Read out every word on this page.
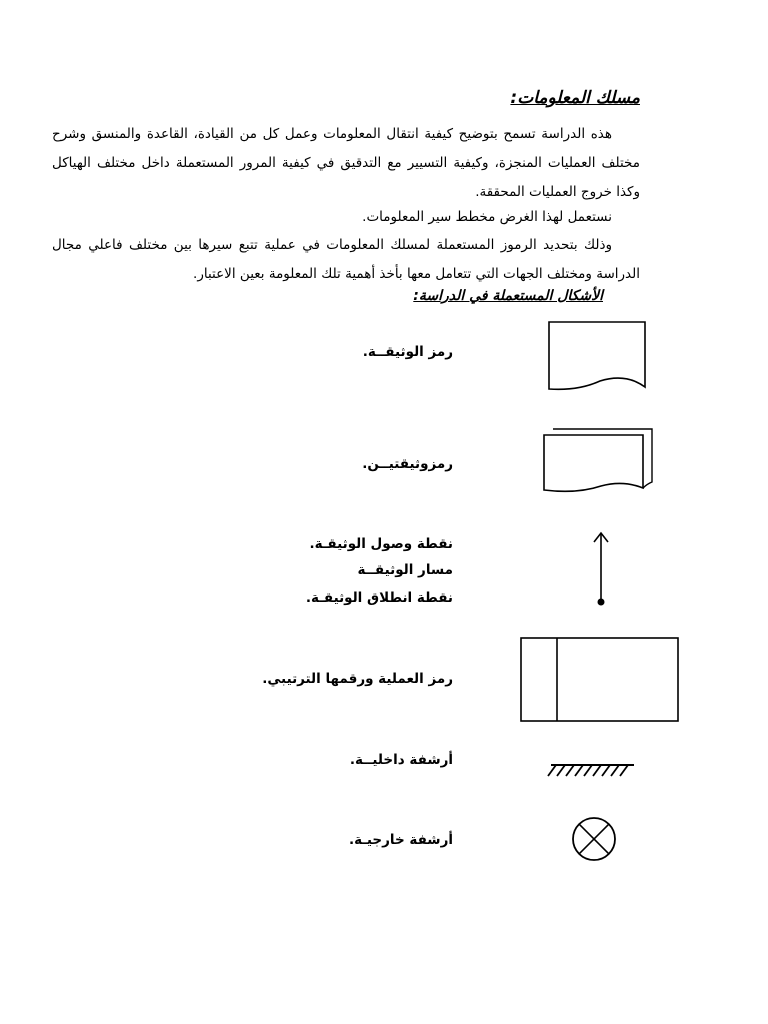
مسلك المعلومات:
هذه الدراسة تسمح بتوضيح كيفية انتقال المعلومات وعمل كل من القيادة، القاعدة والمنسق وشرح مختلف العمليات المنجزة، وكيفية التسيير مع التدقيق في كيفية المرور المستعملة داخل مختلف الهياكل وكذا خروج العمليات المحققة.
نستعمل لهذا الغرض مخطط سير المعلومات.
وذلك بتحديد الرموز المستعملة لمسلك المعلومات في عملية تتبع سيرها بين مختلف فاعلي مجال الدراسة ومختلف الجهات التي تتعامل معها بأخذ أهمية تلك المعلومة بعين الاعتبار.
الأشكال المستعملة في الدراسة:
رمز الوثيقــة.
رمزوثيقتيــن.
نقطة وصول الوثيقـة.
مسار الوثيقــة
نقطة انطلاق الوثيقـة.
رمز العملية ورقمها الترتيبي.
أرشفة داخليــة.
أرشفة خارجيـة.
